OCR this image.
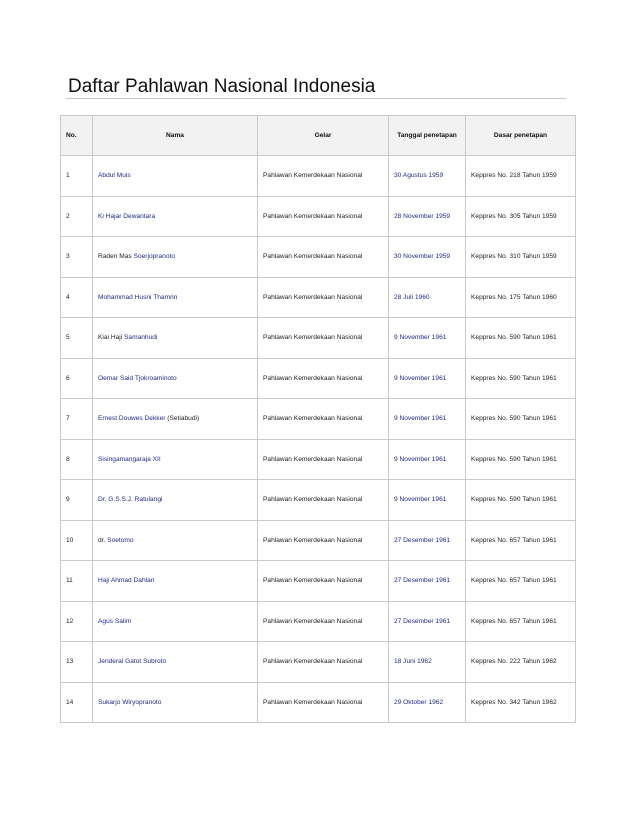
Daftar Pahlawan Nasional Indonesia
No.	Nama	Gelar	Tanggal penetapan	Dasar penetapan
1	Abdul Muis	Pahlawan Kemerdekaan Nasional	30 Agustus 1959	Keppres No. 218 Tahun 1959
2	Ki Hajar Dewantara	Pahlawan Kemerdekaan Nasional	28 November 1959	Keppres No. 305 Tahun 1959
3	Raden Mas Soerjopranoto	Pahlawan Kemerdekaan Nasional	30 November 1959	Keppres No. 310 Tahun 1959
4	Mohammad Husni Thamrin	Pahlawan Kemerdekaan Nasional	28 Juli 1960	Keppres No. 175 Tahun 1960
5	Kiai Haji Samanhudi	Pahlawan Kemerdekaan Nasional	9 November 1961	Keppres No. 590 Tahun 1961
6	Oemar Said Tjokroaminoto	Pahlawan Kemerdekaan Nasional	9 November 1961	Keppres No. 590 Tahun 1961
7	Ernest Douwes Dekker (Setiabudi)	Pahlawan Kemerdekaan Nasional	9 November 1961	Keppres No. 590 Tahun 1961
8	Sisingamangaraja XII	Pahlawan Kemerdekaan Nasional	9 November 1961	Keppres No. 590 Tahun 1961
9	Dr. G.S.S.J. Ratulangi	Pahlawan Kemerdekaan Nasional	9 November 1961	Keppres No. 590 Tahun 1961
10	dr. Soetomo	Pahlawan Kemerdekaan Nasional	27 Desember 1961	Keppres No. 657 Tahun 1961
11	Haji Ahmad Dahlan	Pahlawan Kemerdekaan Nasional	27 Desember 1961	Keppres No. 657 Tahun 1961
12	Agus Salim	Pahlawan Kemerdekaan Nasional	27 Desember 1961	Keppres No. 657 Tahun 1961
13	Jenderal Gatot Subroto	Pahlawan Kemerdekaan Nasional	18 Juni 1962	Keppres No. 222 Tahun 1962
14	Sukarjo Wiryopranoto	Pahlawan Kemerdekaan Nasional	29 Oktober 1962	Keppres No. 342 Tahun 1962
